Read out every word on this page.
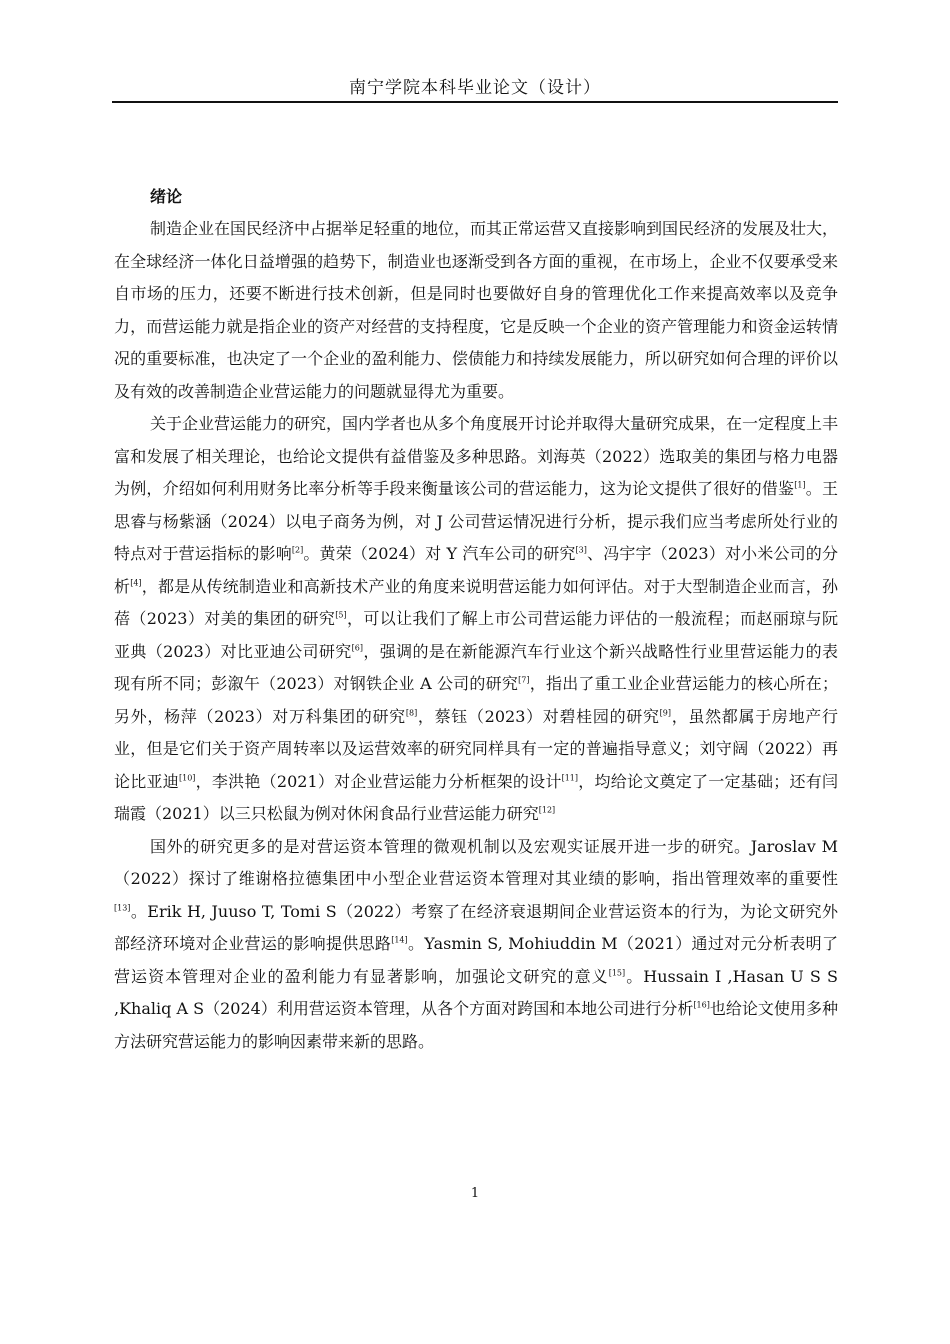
南宁学院本科毕业论文（设计）
绪论

制造企业在国民经济中占据举足轻重的地位，而其正常运营又直接影响到国民经济的发展及壮大，在全球经济一体化日益增强的趋势下，制造业也逐渐受到各方面的重视，在市场上，企业不仅要承受来自市场的压力，还要不断进行技术创新，但是同时也要做好自身的管理优化工作来提高效率以及竞争力，而营运能力就是指企业的资产对经营的支持程度，它是反映一个企业的资产管理能力和资金运转情况的重要标准，也决定了一个企业的盈利能力、偿债能力和持续发展能力，所以研究如何合理的评价以及有效的改善制造企业营运能力的问题就显得尤为重要。

关于企业营运能力的研究，国内学者也从多个角度展开讨论并取得大量研究成果，在一定程度上丰富和发展了相关理论，也给论文提供有益借鉴及多种思路。刘海英（2022）选取美的集团与格力电器为例，介绍如何利用财务比率分析等手段来衡量该公司的营运能力，这为论文提供了很好的借鉴[1]。王思睿与杨紫涵（2024）以电子商务为例，对 J 公司营运情况进行分析，提示我们应当考虑所处行业的特点对于营运指标的影响[2]。黄荣（2024）对 Y 汽车公司的研究[3]、冯宇宇（2023）对小米公司的分析[4]，都是从传统制造业和高新技术产业的角度来说明营运能力如何评估。对于大型制造企业而言，孙蓓（2023）对美的集团的研究[5]，可以让我们了解上市公司营运能力评估的一般流程；而赵丽琼与阮亚典（2023）对比亚迪公司研究[6]，强调的是在新能源汽车行业这个新兴战略性行业里营运能力的表现有所不同；彭溆午（2023）对钢铁企业 A 公司的研究[7]，指出了重工业企业营运能力的核心所在；另外，杨萍（2023）对万科集团的研究[8]，蔡钰（2023）对碧桂园的研究[9]，虽然都属于房地产行业，但是它们关于资产周转率以及运营效率的研究同样具有一定的普遍指导意义；刘守阔（2022）再论比亚迪[10]，李洪艳（2021）对企业营运能力分析框架的设计[11]，均给论文奠定了一定基础；还有闫瑞霞（2021）以三只松鼠为例对休闲食品行业营运能力研究[12]

国外的研究更多的是对营运资本管理的微观机制以及宏观实证展开进一步的研究。Jaroslav M（2022）探讨了维谢格拉德集团中小型企业营运资本管理对其业绩的影响，指出管理效率的重要性[13]。Erik H, Juuso T, Tomi S（2022）考察了在经济衰退期间企业营运资本的行为，为论文研究外部经济环境对企业营运的影响提供思路[14]。Yasmin S, Mohiuddin M（2021）通过对元分析表明了营运资本管理对企业的盈利能力有显著影响，加强论文研究的意义[15]。Hussain I ,Hasan U S S ,Khaliq A S（2024）利用营运资本管理，从各个方面对跨国和本地公司进行分析[16]也给论文使用多种方法研究营运能力的影响因素带来新的思路。

1
